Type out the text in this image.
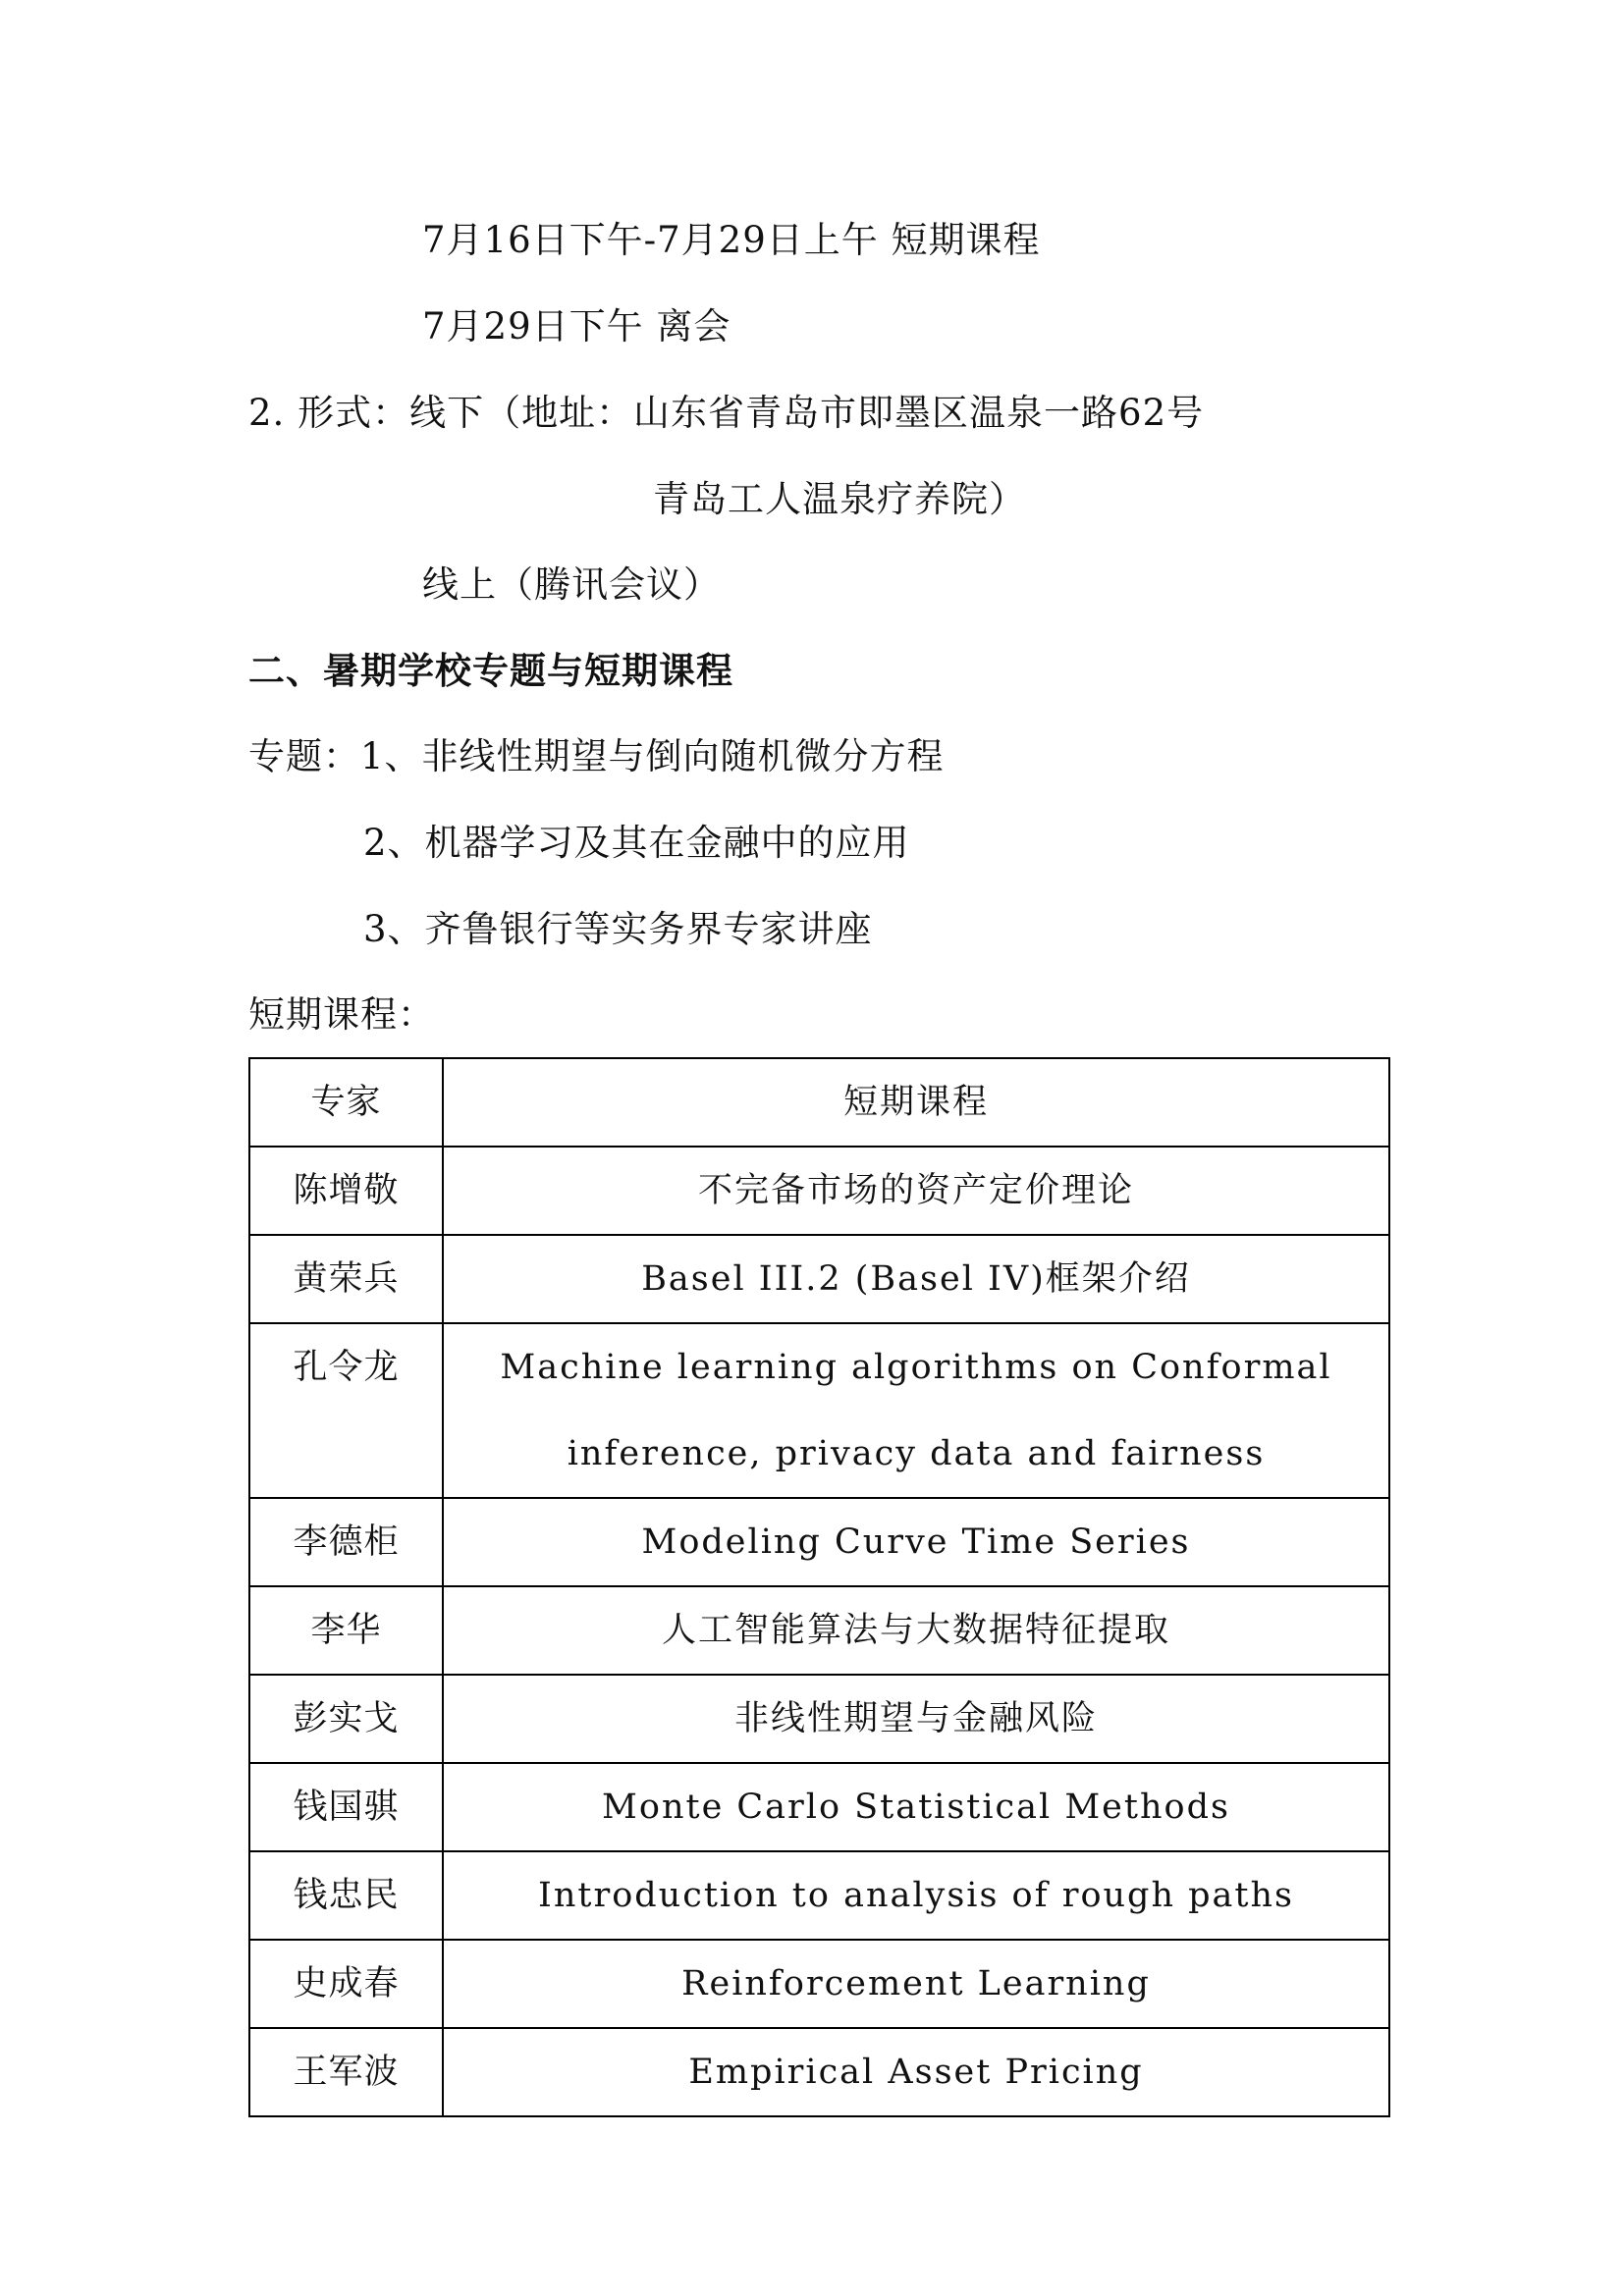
7月16日下午-7月29日上午 短期课程
7月29日下午 离会
2. 形式：线下（地址：山东省青岛市即墨区温泉一路62号
青岛工人温泉疗养院）
线上（腾讯会议）
二、暑期学校专题与短期课程
专题：1、非线性期望与倒向随机微分方程
2、机器学习及其在金融中的应用
3、齐鲁银行等实务界专家讲座
短期课程：
专家	短期课程
陈增敬	不完备市场的资产定价理论
黄荣兵	Basel III.2 (Basel IV)框架介绍
孔令龙	Machine learning algorithms on Conformal
inference, privacy data and fairness

李德柜	Modeling Curve Time Series
李华	人工智能算法与大数据特征提取
彭实戈	非线性期望与金融风险
钱国骐	Monte Carlo Statistical Methods
钱忠民	Introduction to analysis of rough paths
史成春	Reinforcement Learning
王军波	Empirical Asset Pricing
